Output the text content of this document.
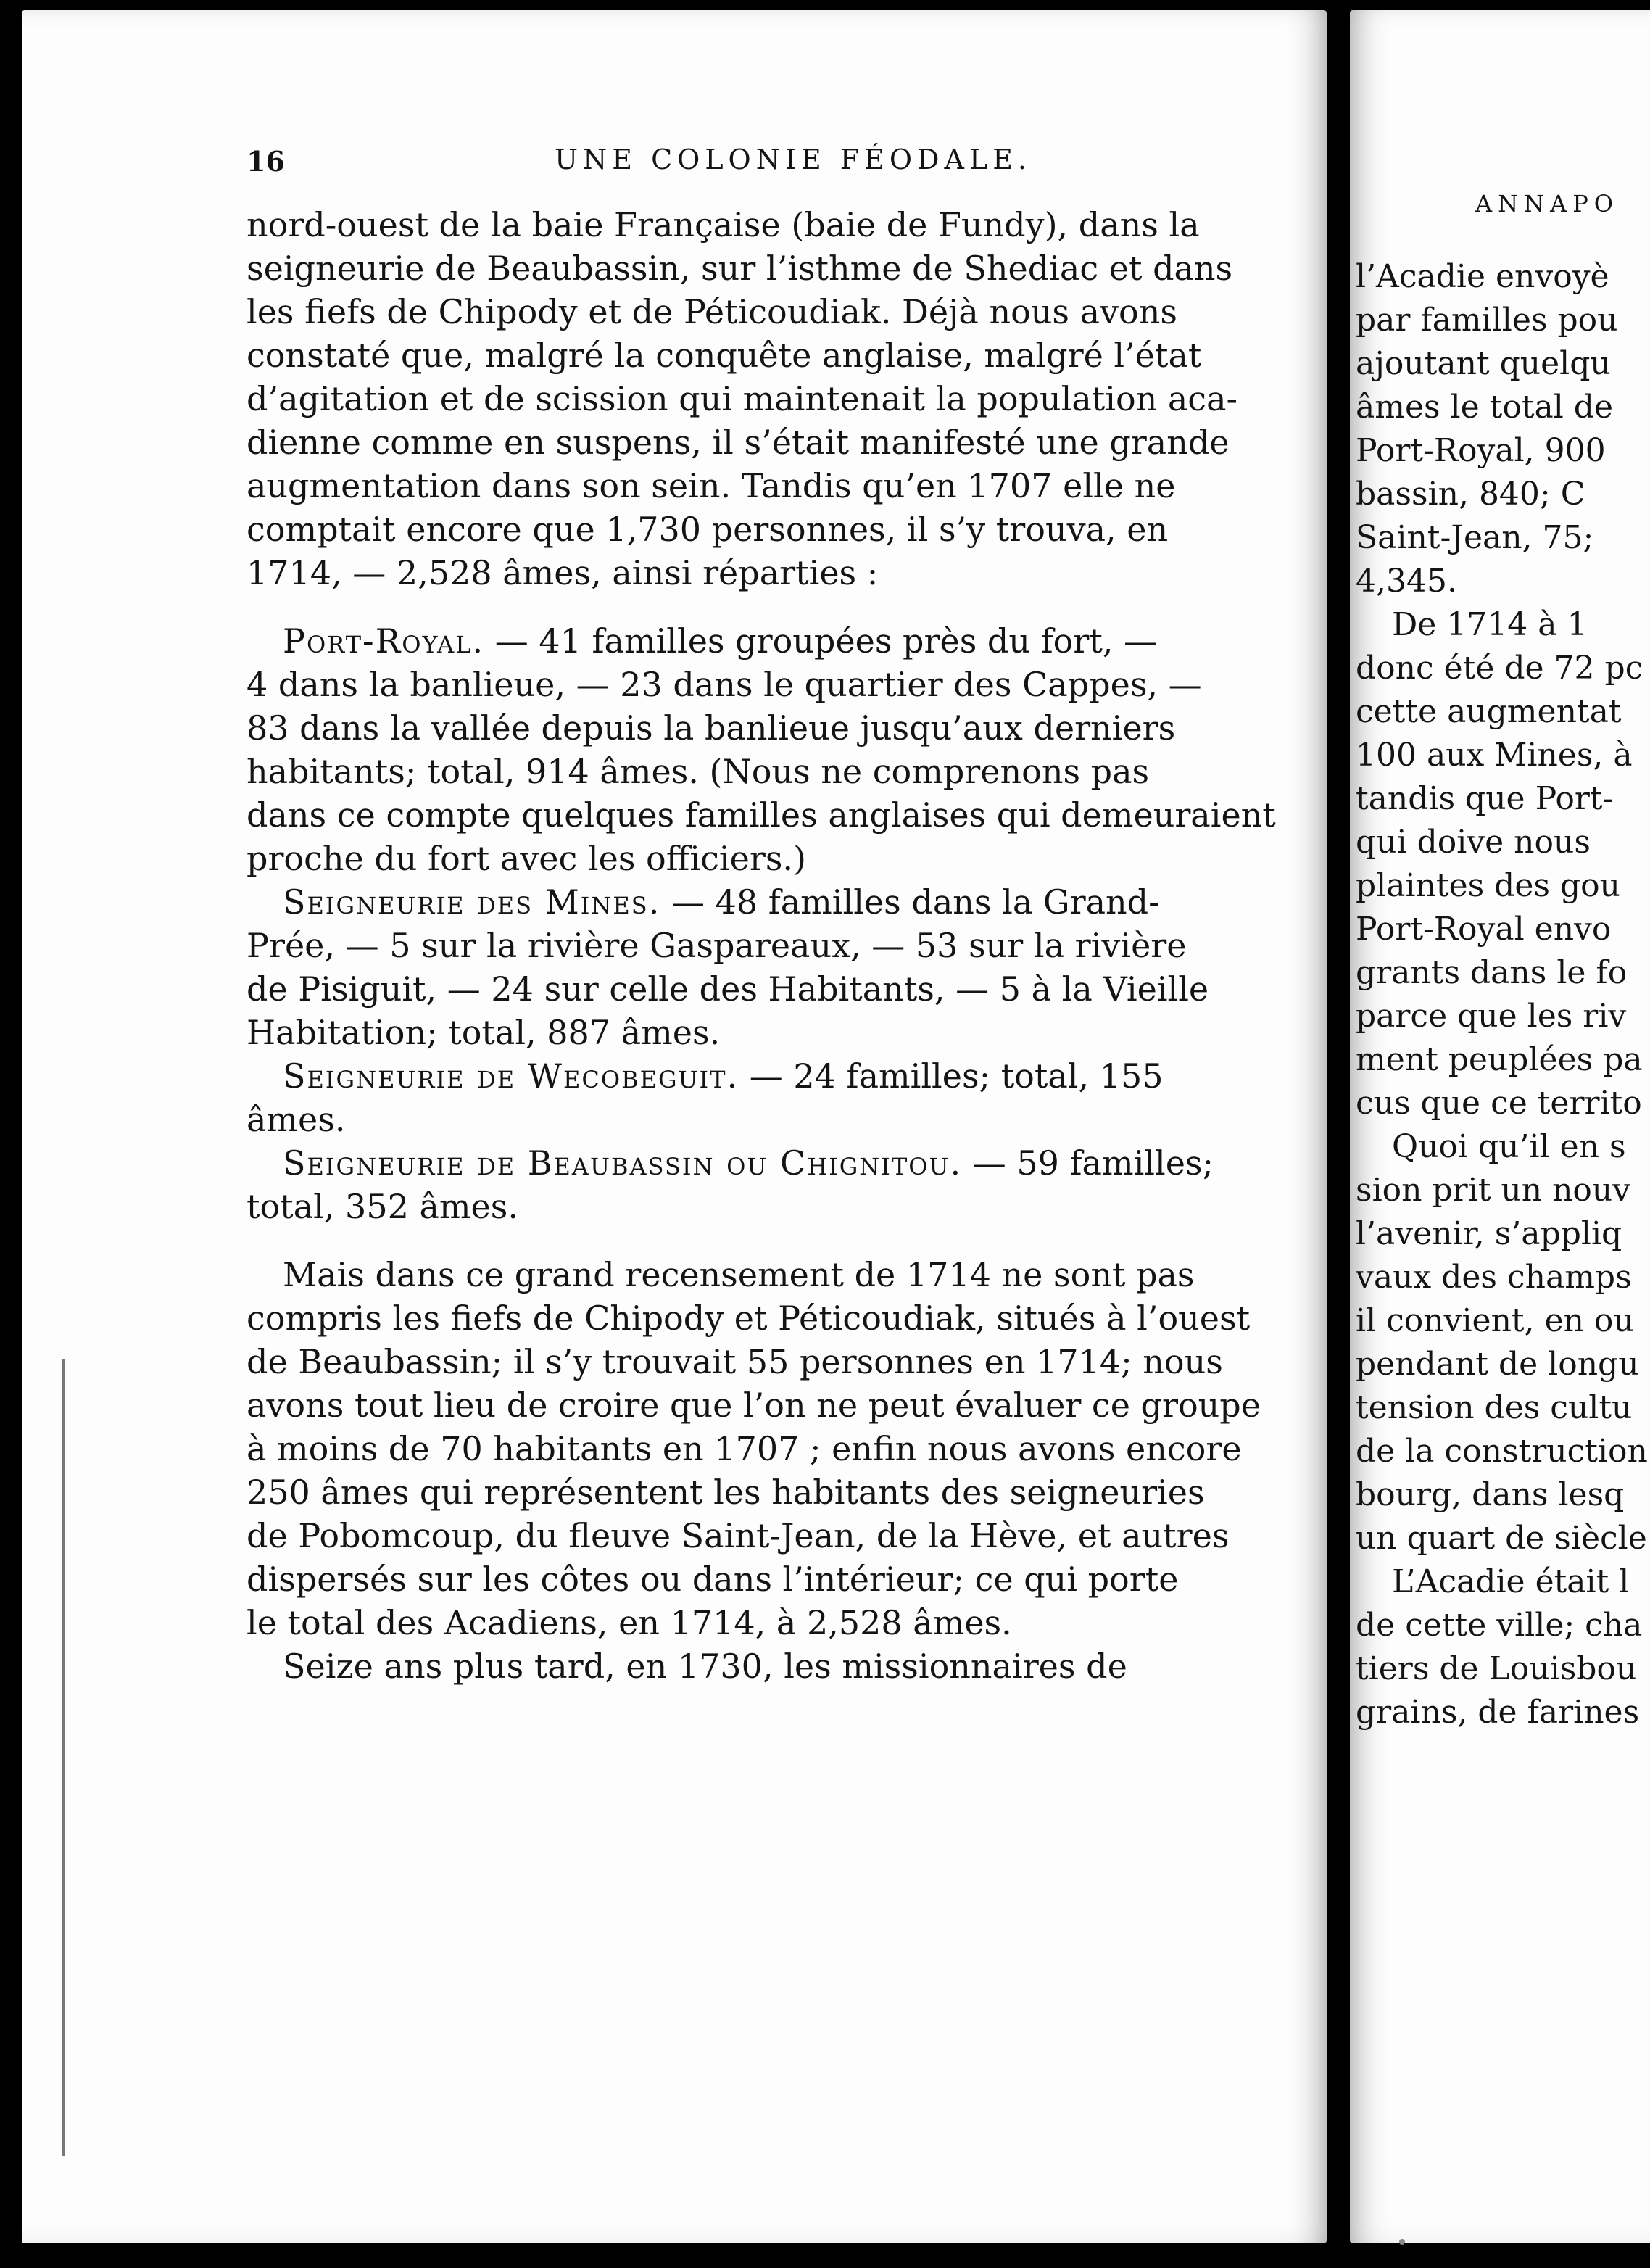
16	UNE COLONIE FÉODALE.

nord-ouest de la baie Française (baie de Fundy), dans la
seigneurie de Beaubassin, sur l’isthme de Shediac et dans
les fiefs de Chipody et de Péticoudiak. Déjà nous avons
constaté que, malgré la conquête anglaise, malgré l’état
d’agitation et de scission qui maintenait la population aca-
dienne comme en suspens, il s’était manifesté une grande
augmentation dans son sein. Tandis qu’en 1707 elle ne
comptait encore que 1,730 personnes, il s’y trouva, en
1714, — 2,528 âmes, ainsi réparties :

Port-Royal. — 41 familles groupées près du fort, —
4 dans la banlieue, — 23 dans le quartier des Cappes, —
83 dans la vallée depuis la banlieue jusqu’aux derniers
habitants; total, 914 âmes. (Nous ne comprenons pas
dans ce compte quelques familles anglaises qui demeuraient
proche du fort avec les officiers.)

Seigneurie des Mines. — 48 familles dans la Grand-
Prée, — 5 sur la rivière Gaspareaux, — 53 sur la rivière
de Pisiguit, — 24 sur celle des Habitants, — 5 à la Vieille
Habitation; total, 887 âmes.

Seigneurie de Wecobeguit. — 24 familles; total, 155
âmes.

Seigneurie de Beaubassin ou Chignitou. — 59 familles;
total, 352 âmes.

Mais dans ce grand recensement de 1714 ne sont pas
compris les fiefs de Chipody et Péticoudiak, situés à l’ouest
de Beaubassin; il s’y trouvait 55 personnes en 1714; nous
avons tout lieu de croire que l’on ne peut évaluer ce groupe
à moins de 70 habitants en 1707 ; enfin nous avons encore
250 âmes qui représentent les habitants des seigneuries
de Pobomcoup, du fleuve Saint-Jean, de la Hève, et autres
dispersés sur les côtes ou dans l’intérieur; ce qui porte
le total des Acadiens, en 1714, à 2,528 âmes.
Seize ans plus tard, en 1730, les missionnaires de

ANNAPO
l’Acadie envoyè
par familles pou
ajoutant quelqu
âmes le total de
Port-Royal, 900
bassin, 840; C
Saint-Jean, 75;
4,345.
De 1714 à 1
donc été de 72 pc
cette augmentat
100 aux Mines, à
tandis que Port-
qui doive nous
plaintes des gou
Port-Royal envo
grants dans le fo
parce que les riv
ment peuplées pa
cus que ce territo
Quoi qu’il en s
sion prit un nouv
l’avenir, s’appliq
vaux des champs
il convient, en ou
pendant de longu
tension des cultu
de la construction
bourg, dans lesq
un quart de siècle
L’Acadie était l
de cette ville; cha
tiers de Louisbou
grains, de farines
